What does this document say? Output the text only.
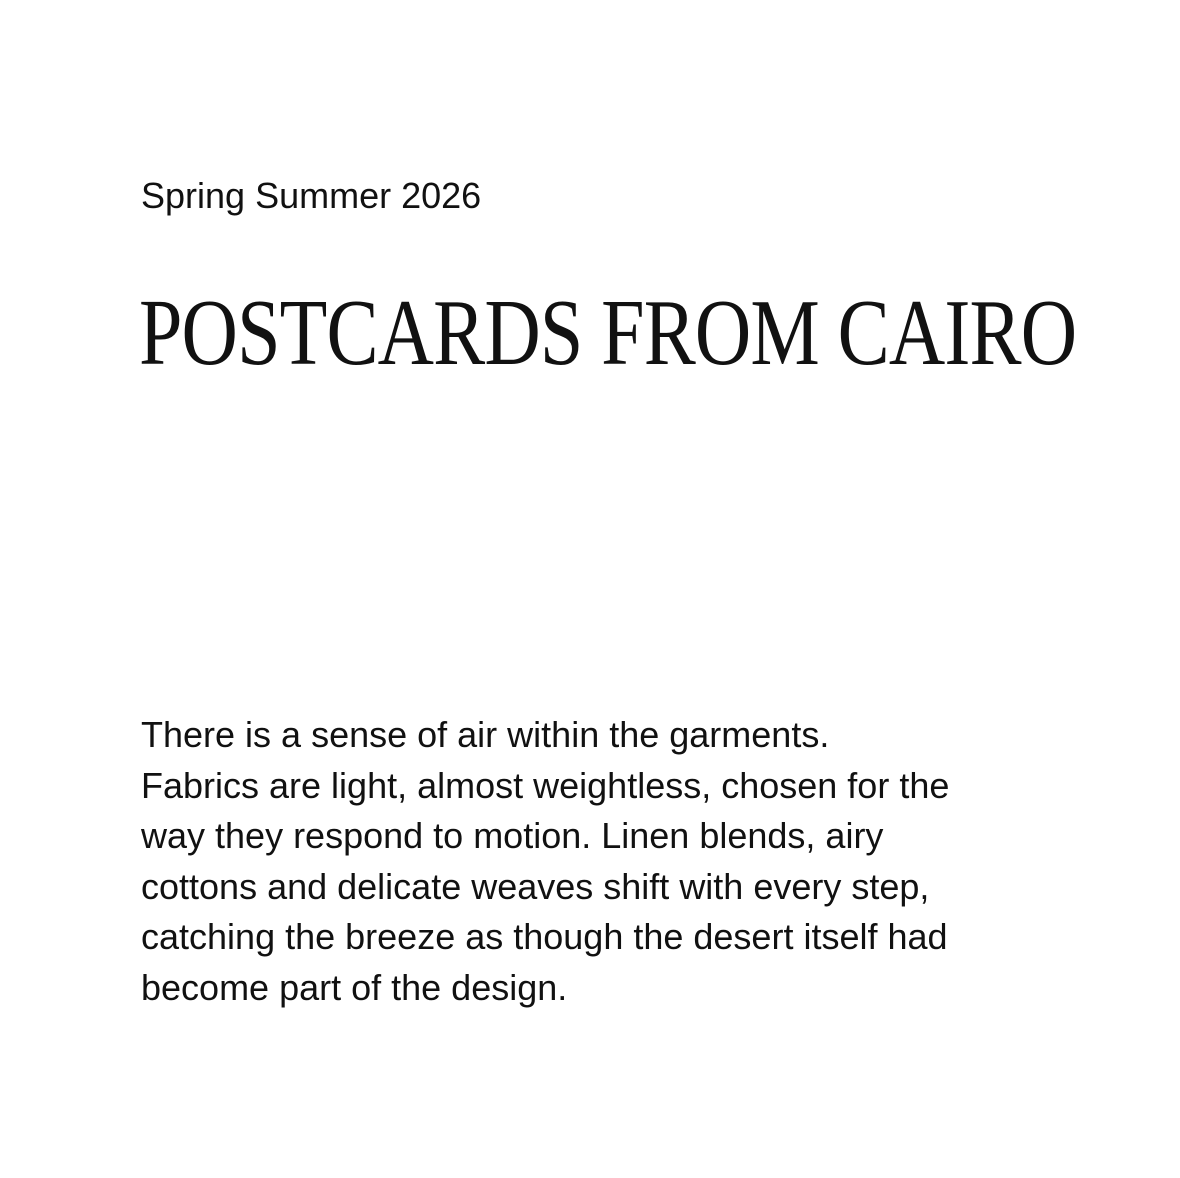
Spring Summer 2026

POSTCARDS FROM CAIRO

There is a sense of air within the garments.
Fabrics are light, almost weightless, chosen for the
way they respond to motion. Linen blends, airy
cottons and delicate weaves shift with every step,
catching the breeze as though the desert itself had
become part of the design.
